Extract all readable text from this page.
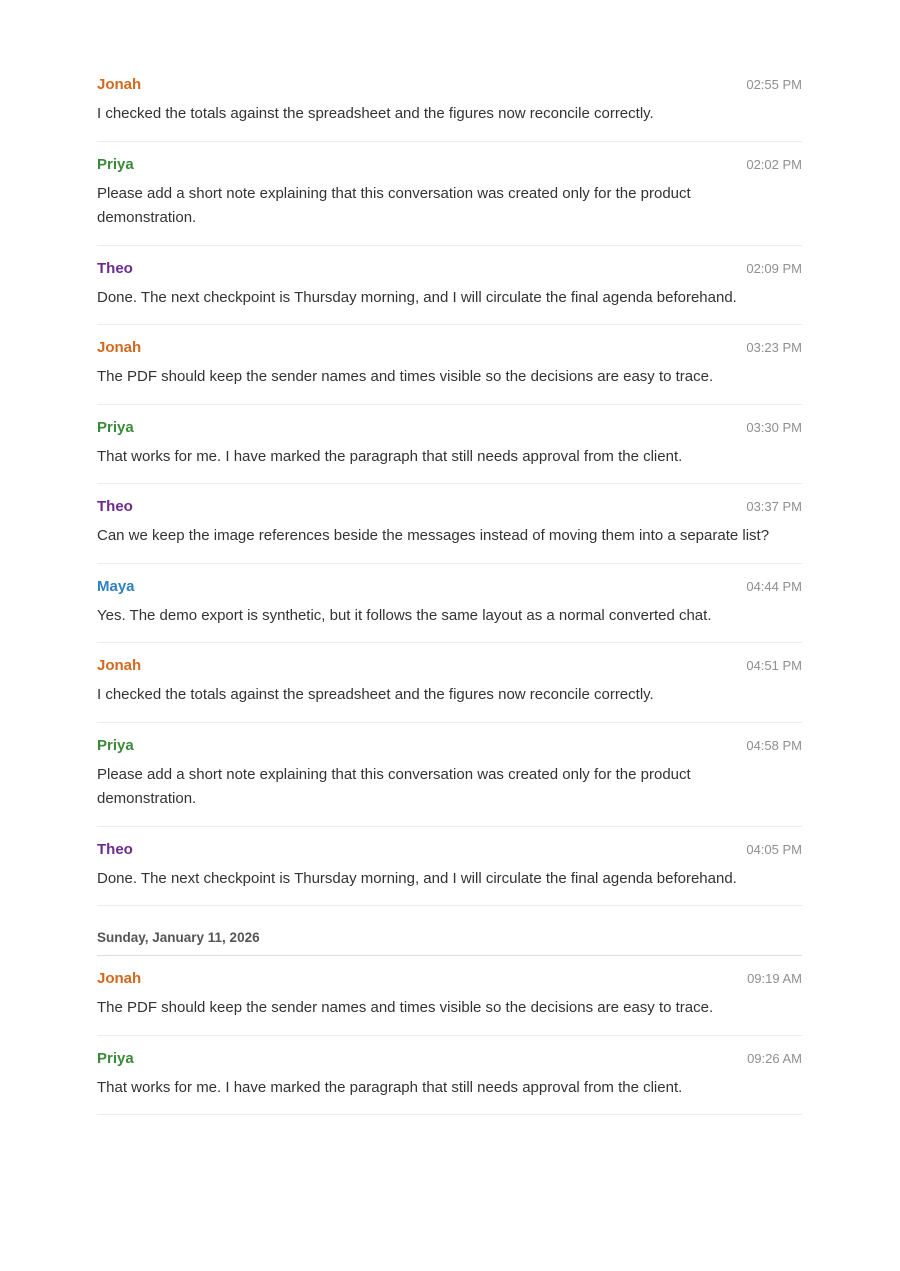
Jonah	02:55 PM
I checked the totals against the spreadsheet and the figures now reconcile correctly.
Priya	02:02 PM
Please add a short note explaining that this conversation was created only for the product demonstration.
Theo	02:09 PM
Done. The next checkpoint is Thursday morning, and I will circulate the final agenda beforehand.
Jonah	03:23 PM
The PDF should keep the sender names and times visible so the decisions are easy to trace.
Priya	03:30 PM
That works for me. I have marked the paragraph that still needs approval from the client.
Theo	03:37 PM
Can we keep the image references beside the messages instead of moving them into a separate list?
Maya	04:44 PM
Yes. The demo export is synthetic, but it follows the same layout as a normal converted chat.
Jonah	04:51 PM
I checked the totals against the spreadsheet and the figures now reconcile correctly.
Priya	04:58 PM
Please add a short note explaining that this conversation was created only for the product demonstration.
Theo	04:05 PM
Done. The next checkpoint is Thursday morning, and I will circulate the final agenda beforehand.
Sunday, January 11, 2026
Jonah	09:19 AM
The PDF should keep the sender names and times visible so the decisions are easy to trace.
Priya	09:26 AM
That works for me. I have marked the paragraph that still needs approval from the client.
